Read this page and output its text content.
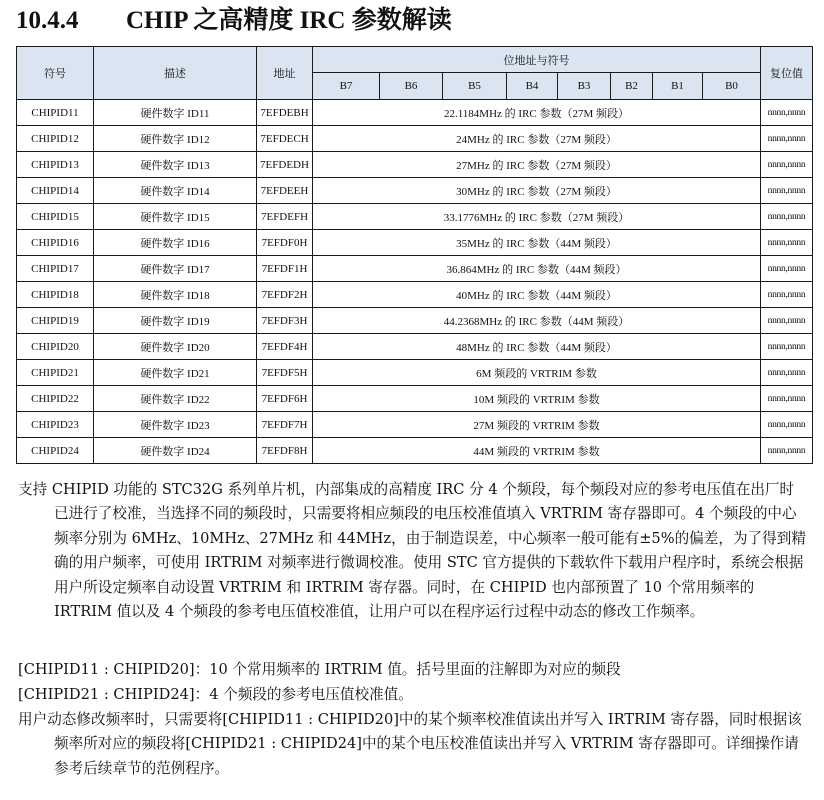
10.4.4 CHIP 之高精度 IRC 参数解读
符号	描述	地址	位地址与符号								复位值
			B7	B6	B5	B4	B3	B2	B1	B0	
CHIPID11	硬件数字 ID11	7EFDEBH	22.1184MHz 的 IRC 参数（27M 频段）								nnnn,nnnn
CHIPID12	硬件数字 ID12	7EFDECH	24MHz 的 IRC 参数（27M 频段）								nnnn,nnnn
CHIPID13	硬件数字 ID13	7EFDEDH	27MHz 的 IRC 参数（27M 频段）								nnnn,nnnn
CHIPID14	硬件数字 ID14	7EFDEEH	30MHz 的 IRC 参数（27M 频段）								nnnn,nnnn
CHIPID15	硬件数字 ID15	7EFDEFH	33.1776MHz 的 IRC 参数（27M 频段）								nnnn,nnnn
CHIPID16	硬件数字 ID16	7EFDF0H	35MHz 的 IRC 参数（44M 频段）								nnnn,nnnn
CHIPID17	硬件数字 ID17	7EFDF1H	36.864MHz 的 IRC 参数（44M 频段）								nnnn,nnnn
CHIPID18	硬件数字 ID18	7EFDF2H	40MHz 的 IRC 参数（44M 频段）								nnnn,nnnn
CHIPID19	硬件数字 ID19	7EFDF3H	44.2368MHz 的 IRC 参数（44M 频段）								nnnn,nnnn
CHIPID20	硬件数字 ID20	7EFDF4H	48MHz 的 IRC 参数（44M 频段）								nnnn,nnnn
CHIPID21	硬件数字 ID21	7EFDF5H	6M 频段的 VRTRIM 参数								nnnn,nnnn
CHIPID22	硬件数字 ID22	7EFDF6H	10M 频段的 VRTRIM 参数								nnnn,nnnn
CHIPID23	硬件数字 ID23	7EFDF7H	27M 频段的 VRTRIM 参数								nnnn,nnnn
CHIPID24	硬件数字 ID24	7EFDF8H	44M 频段的 VRTRIM 参数								nnnn,nnnn
支持 CHIPID 功能的 STC32G 系列单片机，内部集成的高精度 IRC 分 4 个频段，每个频段对应的参考电压值在出厂时已进行了校准，当选择不同的频段时，只需要将相应频段的电压校准值填入 VRTRIM 寄存器即可。4 个频段的中心频率分别为 6MHz、10MHz、27MHz 和 44MHz，由于制造误差，中心频率一般可能有±5%的偏差，为了得到精确的用户频率，可使用 IRTRIM 对频率进行微调校准。使用 STC 官方提供的下载软件下载用户程序时，系统会根据用户所设定频率自动设置 VRTRIM 和 IRTRIM 寄存器。同时，在 CHIPID 也内部预置了 10 个常用频率的 IRTRIM 值以及 4 个频段的参考电压值校准值，让用户可以在程序运行过程中动态的修改工作频率。
[CHIPID11 : CHIPID20]：10 个常用频率的 IRTRIM 值。括号里面的注解即为对应的频段
[CHIPID21 : CHIPID24]：4 个频段的参考电压值校准值。
用户动态修改频率时，只需要将[CHIPID11 : CHIPID20]中的某个频率校准值读出并写入 IRTRIM 寄存器，同时根据该频率所对应的频段将[CHIPID21 : CHIPID24]中的某个电压校准值读出并写入 VRTRIM 寄存器即可。详细操作请参考后续章节的范例程序。
